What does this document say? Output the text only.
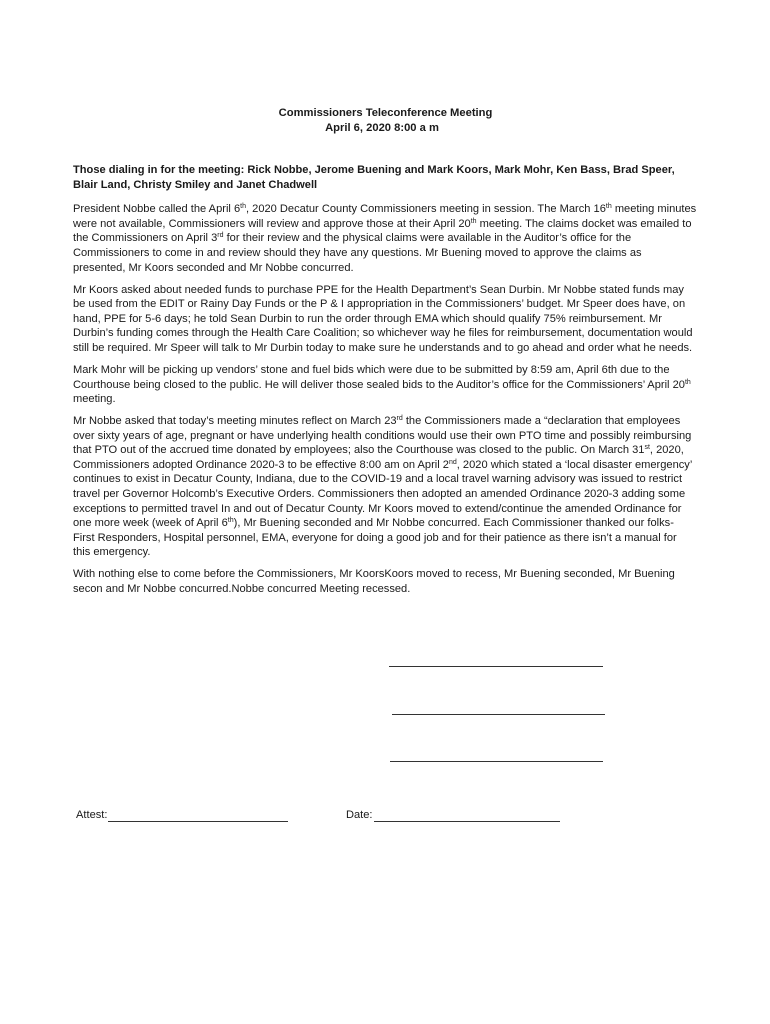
Commissioners Teleconference Meeting
April 6, 2020 8:00 a m

Those dialing in for the meeting: Rick Nobbe, Jerome Buening and Mark Koors, Mark Mohr, Ken Bass, Brad Speer, Blair Land, Christy Smiley and Janet Chadwell

President Nobbe called the April 6th, 2020 Decatur County Commissioners meeting in session. The March 16th meeting minutes were not available, Commissioners will review and approve those at their April 20th meeting. The claims docket was emailed to the Commissioners on April 3rd for their review and the physical claims were available in the Auditor’s office for the Commissioners to come in and review should they have any questions. Mr Buening moved to approve the claims as presented, Mr Koors seconded and Mr Nobbe concurred.

Mr Koors asked about needed funds to purchase PPE for the Health Department’s Sean Durbin. Mr Nobbe stated funds may be used from the EDIT or Rainy Day Funds or the P & I appropriation in the Commissioners’ budget. Mr Speer does have, on hand, PPE for 5-6 days; he told Sean Durbin to run the order through EMA which should qualify 75% reimbursement. Mr Durbin’s funding comes through the Health Care Coalition; so whichever way he files for reimbursement, documentation would still be required. Mr Speer will talk to Mr Durbin today to make sure he understands and to go ahead and order what he needs.

Mark Mohr will be picking up vendors’ stone and fuel bids which were due to be submitted by 8:59 am, April 6th due to the Courthouse being closed to the public. He will deliver those sealed bids to the Auditor’s office for the Commissioners’ April 20th meeting.

Mr Nobbe asked that today’s meeting minutes reflect on March 23rd the Commissioners made a “declaration that employees over sixty years of age, pregnant or have underlying health conditions would use their own PTO time and possibly reimbursing that PTO out of the accrued time donated by employees; also the Courthouse was closed to the public. On March 31st, 2020, Commissioners adopted Ordinance 2020-3 to be effective 8:00 am on April 2nd, 2020 which stated a ‘local disaster emergency’ continues to exist in Decatur County, Indiana, due to the COVID-19 and a local travel warning advisory was issued to restrict travel per Governor Holcomb’s Executive Orders. Commissioners then adopted an amended Ordinance 2020-3 adding some exceptions to permitted travel In and out of Decatur County. Mr Koors moved to extend/continue the amended Ordinance for one more week (week of April 6th), Mr Buening seconded and Mr Nobbe concurred. Each Commissioner thanked our folks- First Responders, Hospital personnel, EMA, everyone for doing a good job and for their patience as there isn’t a manual for this emergency.

With nothing else to come before the Commissioners, Mr KoorsKoors moved to recess, Mr Buening seconded, Mr Buening secon and Mr Nobbe concurred.Nobbe concurred Meeting recessed.

Attest:	Date:
